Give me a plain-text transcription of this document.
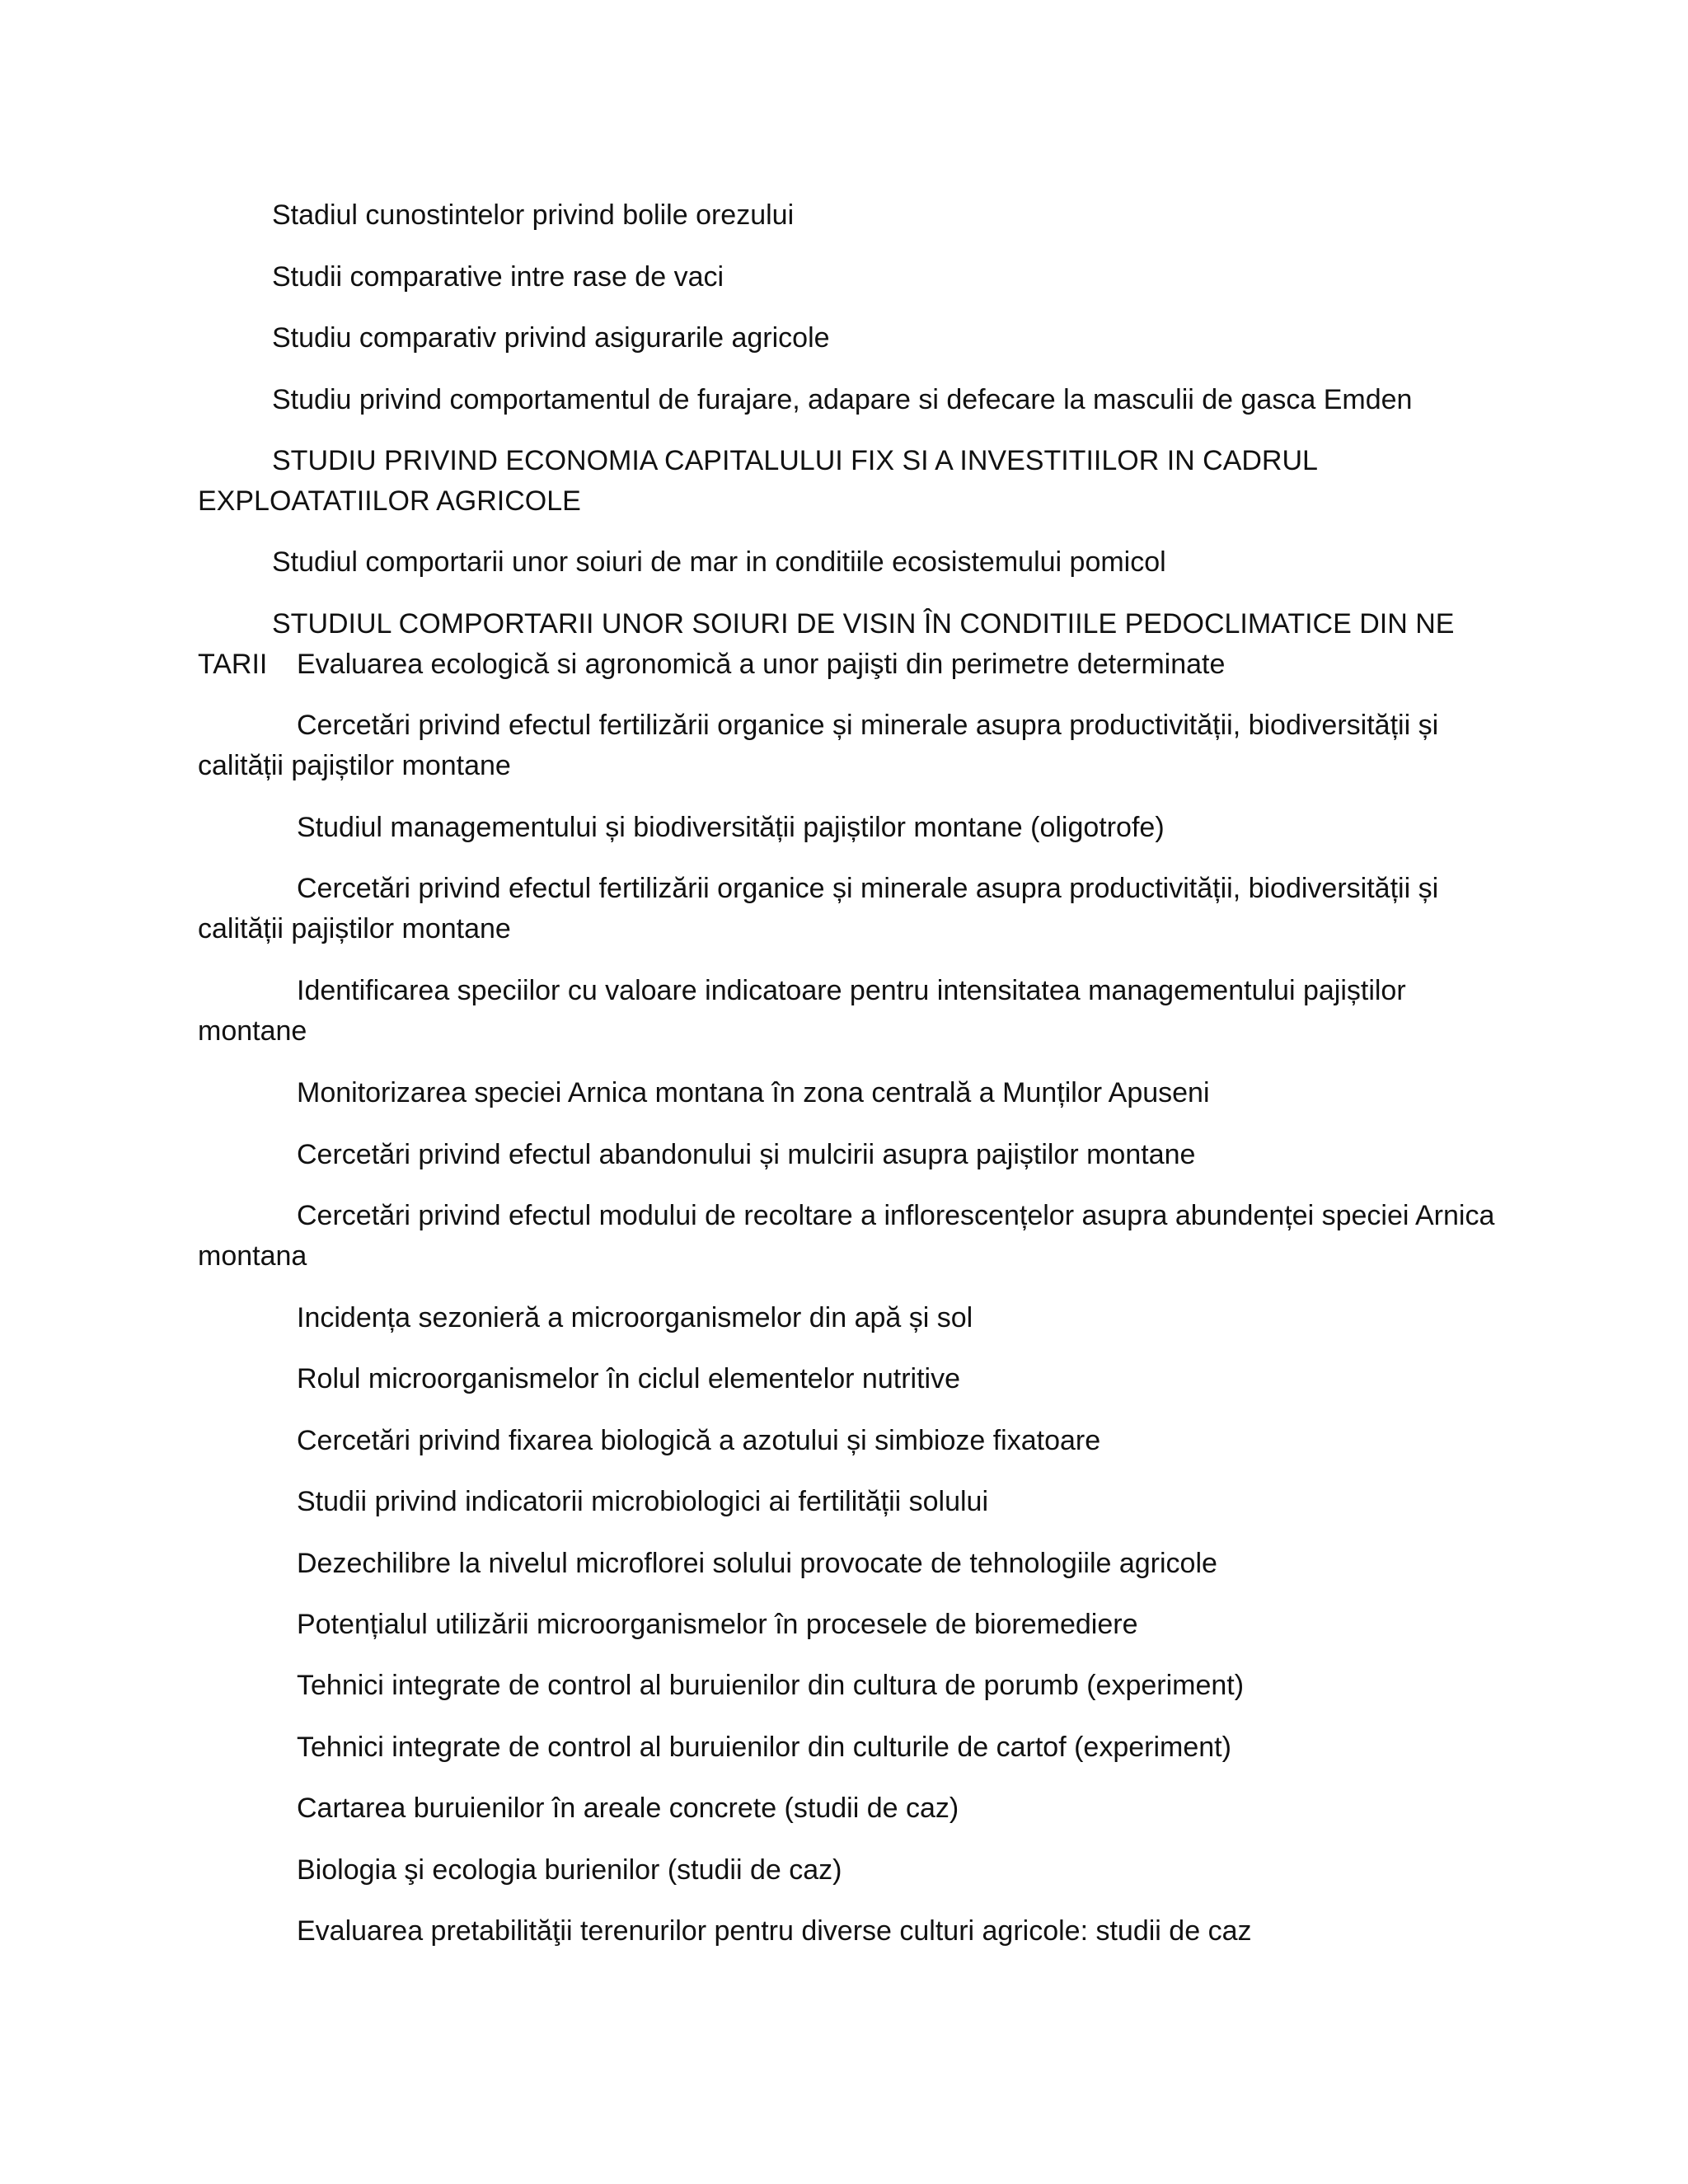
Stadiul cunostintelor privind bolile orezului

Studii comparative intre rase de vaci

Studiu comparativ privind asigurarile agricole

Studiu privind comportamentul de furajare, adapare si defecare la masculii de gasca Emden

STUDIU PRIVIND ECONOMIA CAPITALULUI FIX SI A INVESTITIILOR IN CADRUL EXPLOATATIILOR AGRICOLE

Studiul comportarii unor soiuri de mar in conditiile ecosistemului pomicol

STUDIUL COMPORTARII UNOR SOIURI DE VISIN ÎN CONDITIILE PEDOCLIMATICE DIN NE TARII	Evaluarea ecologică si agronomică a unor pajişti din perimetre determinate

Cercetări privind efectul fertilizării organice și minerale asupra productivității, biodiversității și calității pajiștilor montane

Studiul managementului și biodiversității pajiștilor montane (oligotrofe)

Cercetări privind efectul fertilizării organice și minerale asupra productivității, biodiversității și calității pajiștilor montane

Identificarea speciilor cu valoare indicatoare pentru intensitatea managementului pajiștilor montane

Monitorizarea speciei Arnica montana în zona centrală a Munților Apuseni

Cercetări privind efectul abandonului și mulcirii asupra pajiștilor montane

Cercetări privind efectul modului de recoltare a inflorescențelor asupra abundenței speciei Arnica montana

Incidența sezonieră a microorganismelor din apă și sol

Rolul microorganismelor în ciclul elementelor nutritive

Cercetări privind fixarea biologică a azotului și simbioze fixatoare

Studii privind indicatorii microbiologici ai fertilității solului

Dezechilibre la nivelul microflorei solului provocate de tehnologiile agricole

Potențialul utilizării microorganismelor în procesele de bioremediere

Tehnici integrate de control al buruienilor din cultura de porumb (experiment)

Tehnici integrate de control al buruienilor din culturile de cartof (experiment)

Cartarea buruienilor în areale concrete (studii de caz)

Biologia şi ecologia burienilor (studii de caz)

Evaluarea pretabilităţii terenurilor pentru diverse culturi agricole: studii de caz
